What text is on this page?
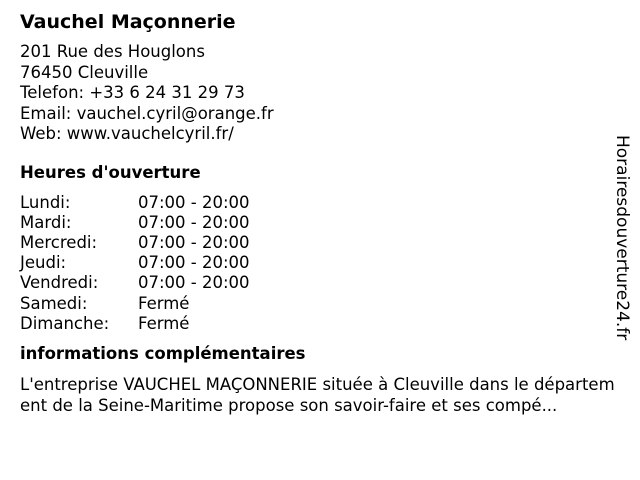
Vauchel Maçonnerie
201 Rue des Houglons
76450 Cleuville
Telefon: +33 6 24 31 29 73
Email: vauchel.cyril@orange.fr
Web: www.vauchelcyril.fr/
Heures d'ouverture
Lundi:	07:00 - 20:00
Mardi:	07:00 - 20:00
Mercredi:	07:00 - 20:00
Jeudi:	07:00 - 20:00
Vendredi:	07:00 - 20:00
Samedi:	Fermé
Dimanche:	Fermé
informations complémentaires
L'entreprise VAUCHEL MAÇONNERIE située à Cleuville dans le département de la Seine-Maritime propose son savoir-faire et ses compé...
Horairesdouverture24.fr
